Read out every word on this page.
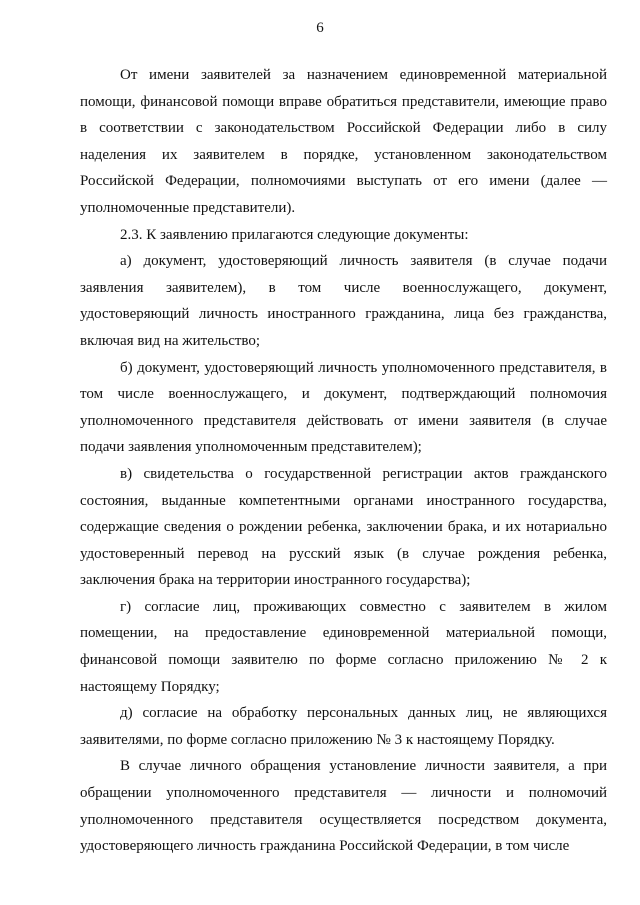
6

От имени заявителей за назначением единовременной материальной помощи, финансовой помощи вправе обратиться представители, имеющие право в соответствии с законодательством Российской Федерации либо в силу наделения их заявителем в порядке, установленном законодательством Российской Федерации, полномочиями выступать от его имени (далее — уполномоченные представители).

2.3. К заявлению прилагаются следующие документы:

а) документ, удостоверяющий личность заявителя (в случае подачи заявления заявителем), в том числе военнослужащего, документ, удостоверяющий личность иностранного гражданина, лица без гражданства, включая вид на жительство;

б) документ, удостоверяющий личность уполномоченного представителя, в том числе военнослужащего, и документ, подтверждающий полномочия уполномоченного представителя действовать от имени заявителя (в случае подачи заявления уполномоченным представителем);

в) свидетельства о государственной регистрации актов гражданского состояния, выданные компетентными органами иностранного государства, содержащие сведения о рождении ребенка, заключении брака, и их нотариально удостоверенный перевод на русский язык (в случае рождения ребенка, заключения брака на территории иностранного государства);

г) согласие лиц, проживающих совместно с заявителем в жилом помещении, на предоставление единовременной материальной помощи, финансовой помощи заявителю по форме согласно приложению № 2 к настоящему Порядку;

д) согласие на обработку персональных данных лиц, не являющихся заявителями, по форме согласно приложению № 3 к настоящему Порядку.

В случае личного обращения установление личности заявителя, а при обращении уполномоченного представителя — личности и полномочий уполномоченного представителя осуществляется посредством документа, удостоверяющего личность гражданина Российской Федерации, в том числе
